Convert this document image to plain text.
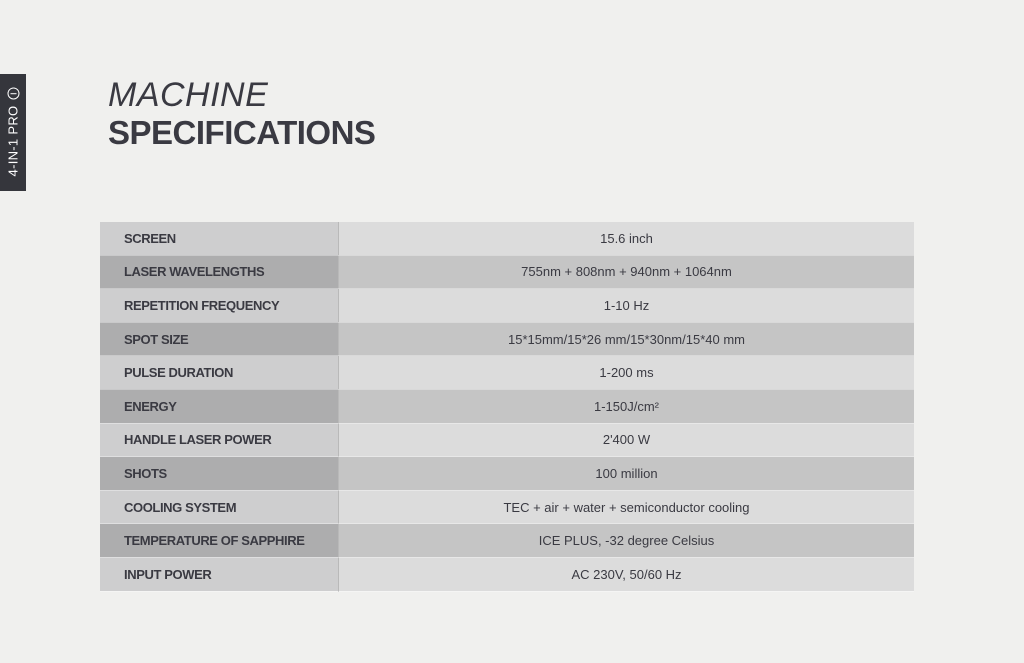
4-IN-1 PRO
MACHINE
SPECIFICATIONS
SCREEN	15.6 inch
LASER WAVELENGTHS	755nm + 808nm + 940nm + 1064nm
REPETITION FREQUENCY	1-10 Hz
SPOT SIZE	15*15mm/15*26 mm/15*30nm/15*40 mm
PULSE DURATION	1-200 ms
ENERGY	1-150J/cm²
HANDLE LASER POWER	2'400 W
SHOTS	100 million
COOLING SYSTEM	TEC + air + water + semiconductor cooling
TEMPERATURE OF SAPPHIRE	ICE PLUS, -32 degree Celsius
INPUT POWER	AC 230V, 50/60 Hz
